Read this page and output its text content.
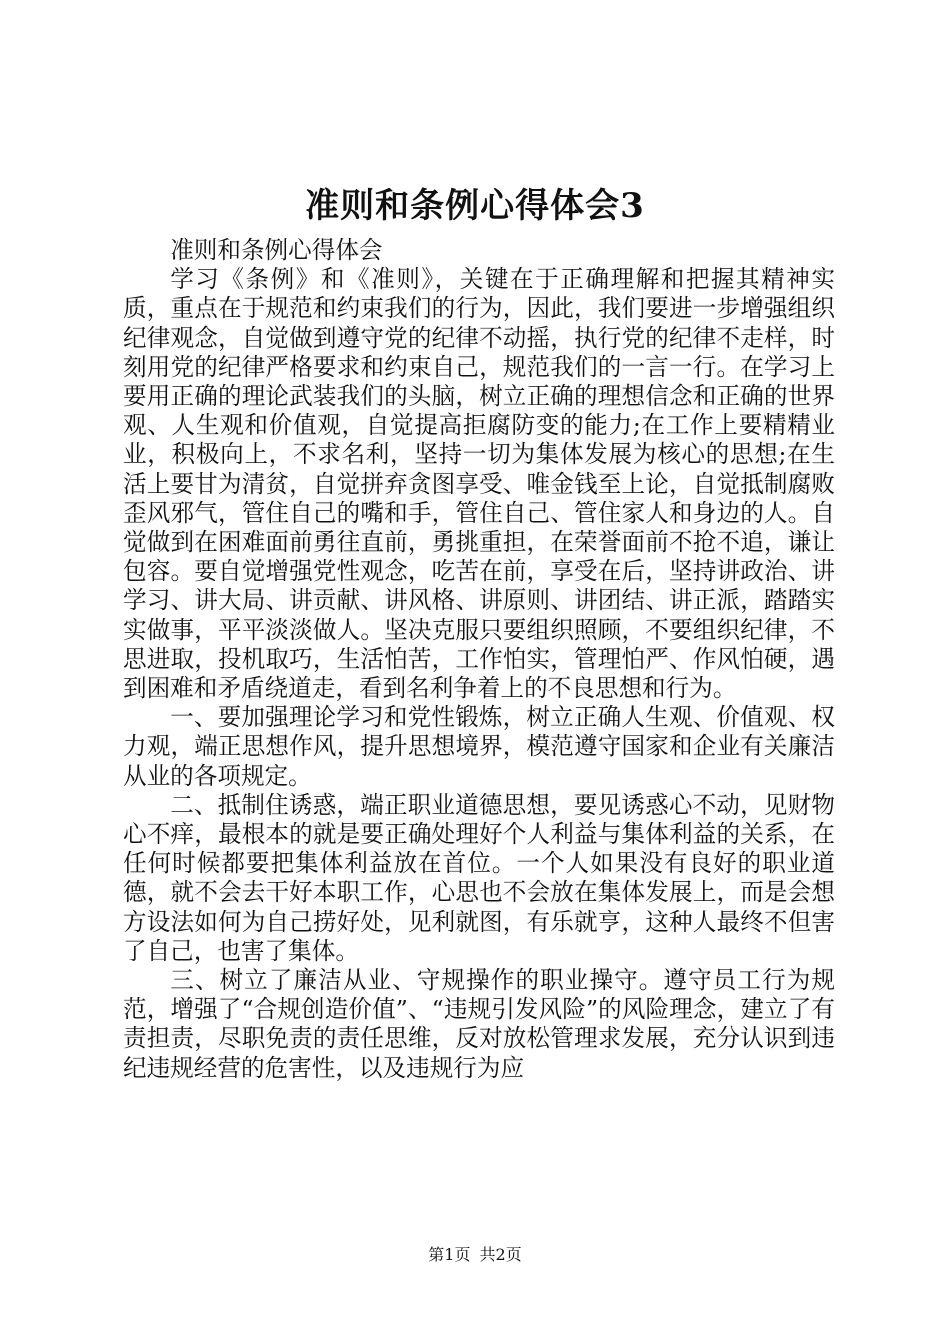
准则和条例心得体会3

准则和条例心得体会

学习《条例》和《准则》，关键在于正确理解和把握其精神实质，重点在于规范和约束我们的行为，因此，我们要进一步增强组织纪律观念，自觉做到遵守党的纪律不动摇，执行党的纪律不走样，时刻用党的纪律严格要求和约束自己，规范我们的一言一行。在学习上要用正确的理论武装我们的头脑，树立正确的理想信念和正确的世界观、人生观和价值观，自觉提高拒腐防变的能力;在工作上要精精业业，积极向上，不求名利，坚持一切为集体发展为核心的思想;在生活上要甘为清贫，自觉拼弃贪图享受、唯金钱至上论，自觉抵制腐败歪风邪气，管住自己的嘴和手，管住自己、管住家人和身边的人。自觉做到在困难面前勇往直前，勇挑重担，在荣誉面前不抢不追，谦让包容。要自觉增强党性观念，吃苦在前，享受在后，坚持讲政治、讲学习、讲大局、讲贡献、讲风格、讲原则、讲团结、讲正派，踏踏实实做事，平平淡淡做人。坚决克服只要组织照顾，不要组织纪律，不思进取，投机取巧，生活怕苦，工作怕实，管理怕严、作风怕硬，遇到困难和矛盾绕道走，看到名利争着上的不良思想和行为。

一、要加强理论学习和党性锻炼，树立正确人生观、价值观、权力观，端正思想作风，提升思想境界，模范遵守国家和企业有关廉洁从业的各项规定。

二、抵制住诱惑，端正职业道德思想，要见诱惑心不动，见财物心不痒，最根本的就是要正确处理好个人利益与集体利益的关系，在任何时候都要把集体利益放在首位。一个人如果没有良好的职业道德，就不会去干好本职工作，心思也不会放在集体发展上，而是会想方设法如何为自己捞好处，见利就图，有乐就亨，这种人最终不但害了自己，也害了集体。

三、树立了廉洁从业、守规操作的职业操守。遵守员工行为规范，增强了“合规创造价值”、“违规引发风险”的风险理念，建立了有责担责，尽职免责的责任思维，反对放松管理求发展，充分认识到违纪违规经营的危害性，以及违规行为应

第1页 共2页
